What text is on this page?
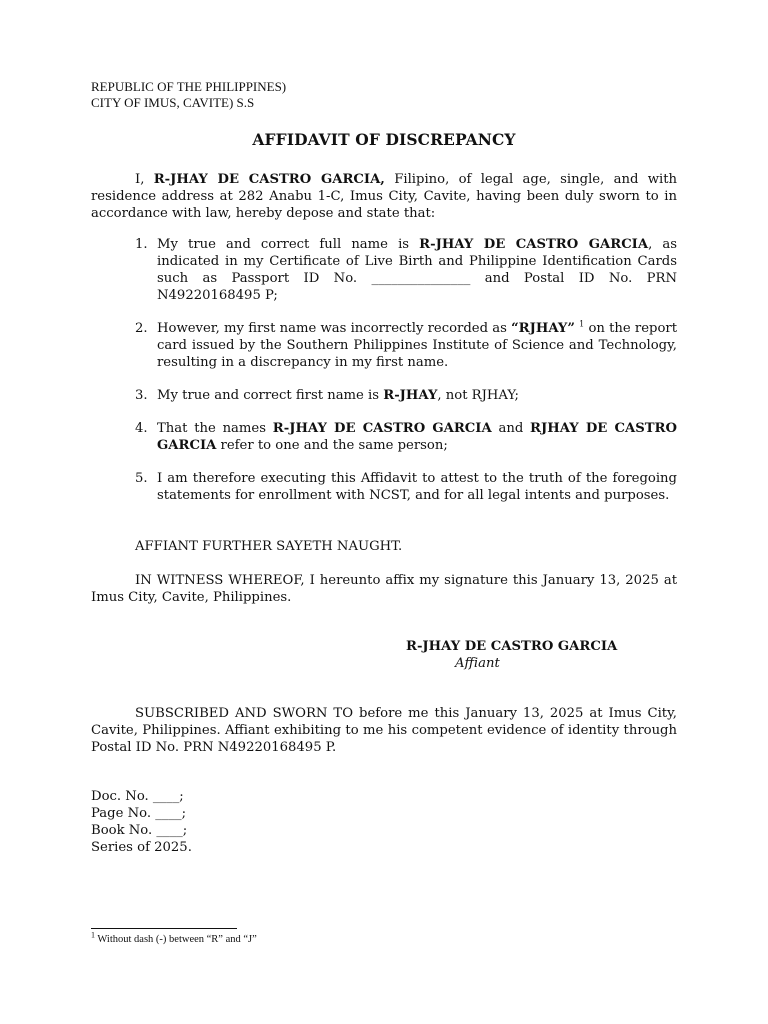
REPUBLIC OF THE PHILIPPINES)
CITY OF IMUS, CAVITE) S.S
AFFIDAVIT OF DISCREPANCY
I, R-JHAY DE CASTRO GARCIA, Filipino, of legal age, single, and with residence address at 282 Anabu 1-C, Imus City, Cavite, having been duly sworn to in accordance with law, hereby depose and state that:
1. My true and correct full name is R-JHAY DE CASTRO GARCIA, as indicated in my Certificate of Live Birth and Philippine Identification Cards such as Passport ID No. _______________ and Postal ID No. PRN N49220168495 P;
2. However, my first name was incorrectly recorded as “RJHAY” $^1$ on the report card issued by the Southern Philippines Institute of Science and Technology, resulting in a discrepancy in my first name.
3. My true and correct first name is R-JHAY, not RJHAY;
4. That the names R-JHAY DE CASTRO GARCIA and RJHAY DE CASTRO GARCIA refer to one and the same person;
5. I am therefore executing this Affidavit to attest to the truth of the foregoing statements for enrollment with NCST, and for all legal intents and purposes.
AFFIANT FURTHER SAYETH NAUGHT.
IN WITNESS WHEREOF, I hereunto affix my signature this January 13, 2025 at Imus City, Cavite, Philippines.
R-JHAY DE CASTRO GARCIA
Affiant
SUBSCRIBED AND SWORN TO before me this January 13, 2025 at Imus City, Cavite, Philippines. Affiant exhibiting to me his competent evidence of identity through Postal ID No. PRN N49220168495 P.
Doc. No. ____;
Page No. ____;
Book No. ____;
Series of 2025.
$^1$ Without dash (-) between “R” and “J”
